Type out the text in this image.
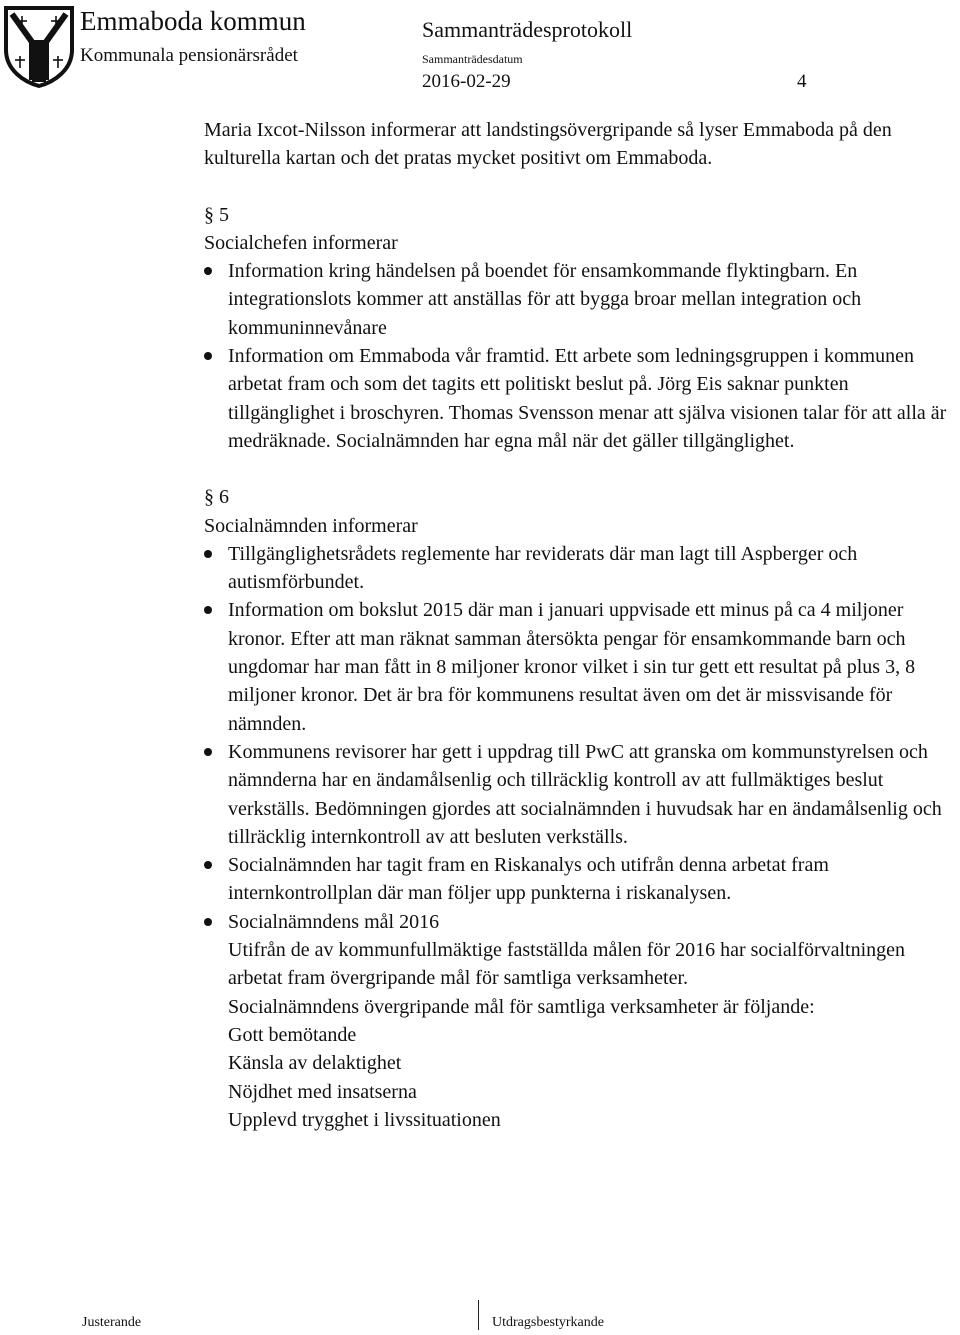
Emmaboda kommun
Kommunala pensionärsrådet
Sammanträdesprotokoll
Sammanträdesdatum
2016-02-29	4

Maria Ixcot-Nilsson informerar att landstingsövergripande så lyser Emmaboda på den kulturella kartan och det pratas mycket positivt om Emmaboda.

§ 5

Socialchefen informerar

Information kring händelsen på boendet för ensamkommande flyktingbarn. En integrationslots kommer att anställas för att bygga broar mellan integration och kommuninnevånare
Information om Emmaboda vår framtid. Ett arbete som ledningsgruppen i kommunen arbetat fram och som det tagits ett politiskt beslut på. Jörg Eis saknar punkten tillgänglighet i broschyren. Thomas Svensson menar att själva visionen talar för att alla är medräknade. Socialnämnden har egna mål när det gäller tillgänglighet.

§ 6

Socialnämnden informerar

Tillgänglighetsrådets reglemente har reviderats där man lagt till Aspberger och autismförbundet.
Information om bokslut 2015 där man i januari uppvisade ett minus på ca 4 miljoner kronor. Efter att man räknat samman återsökta pengar för ensamkommande barn och ungdomar har man fått in 8 miljoner kronor vilket i sin tur gett ett resultat på plus 3, 8 miljoner kronor. Det är bra för kommunens resultat även om det är missvisande för nämnden.
Kommunens revisorer har gett i uppdrag till PwC att granska om kommunstyrelsen och nämnderna har en ändamålsenlig och tillräcklig kontroll av att fullmäktiges beslut verkställs. Bedömningen gjordes att socialnämnden i huvudsak har en ändamålsenlig och tillräcklig internkontroll av att besluten verkställs.
Socialnämnden har tagit fram en Riskanalys och utifrån denna arbetat fram internkontrollplan där man följer upp punkterna i riskanalysen.
Socialnämndens mål 2016
Utifrån de av kommunfullmäktige fastställda målen för 2016 har socialförvaltningen arbetat fram övergripande mål för samtliga verksamheter.
Socialnämndens övergripande mål för samtliga verksamheter är följande:
Gott bemötande
Känsla av delaktighet
Nöjdhet med insatserna
Upplevd trygghet i livssituationen
Justerande	Utdragsbestyrkande
